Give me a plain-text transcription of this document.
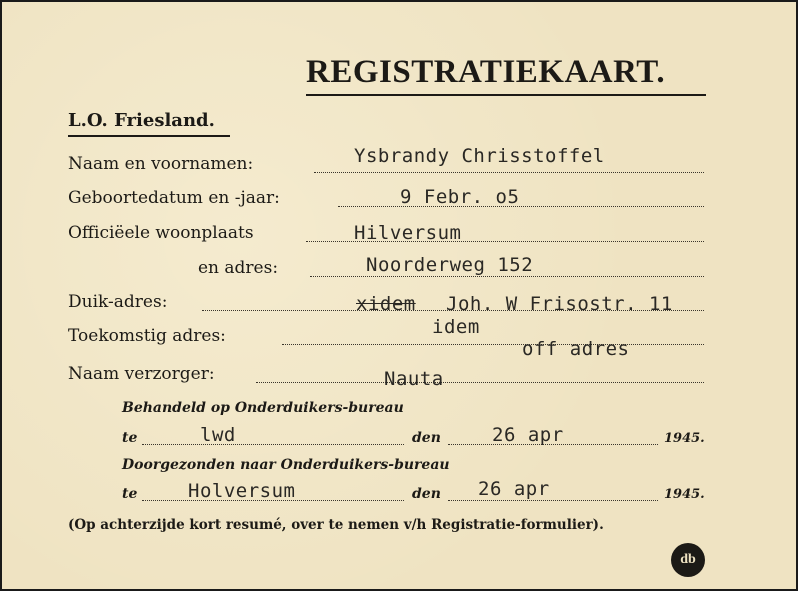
REGISTRATIEKAART.
L.O. Friesland.
Naam en voornamen:	Ysbrandy Chrisstoffel
Geboortedatum en -jaar:	9 Febr. o5
Officiëele woonplaats	Hilversum
en adres:	Noorderweg 152
Duik-adres:	xidem Joh. W Frisostr. 11
Toekomstig adres:	idem
off adres
Naam verzorger:	Nauta
Behandeld op Onderduikers-bureau
te	lwd	den	26 apr	1945.
Doorgezonden naar Onderduikers-bureau
te	Holversum	den 26 apr	1945.
(Op achterzijde kort resumé, over te nemen v/h Registratie-formulier).
db
